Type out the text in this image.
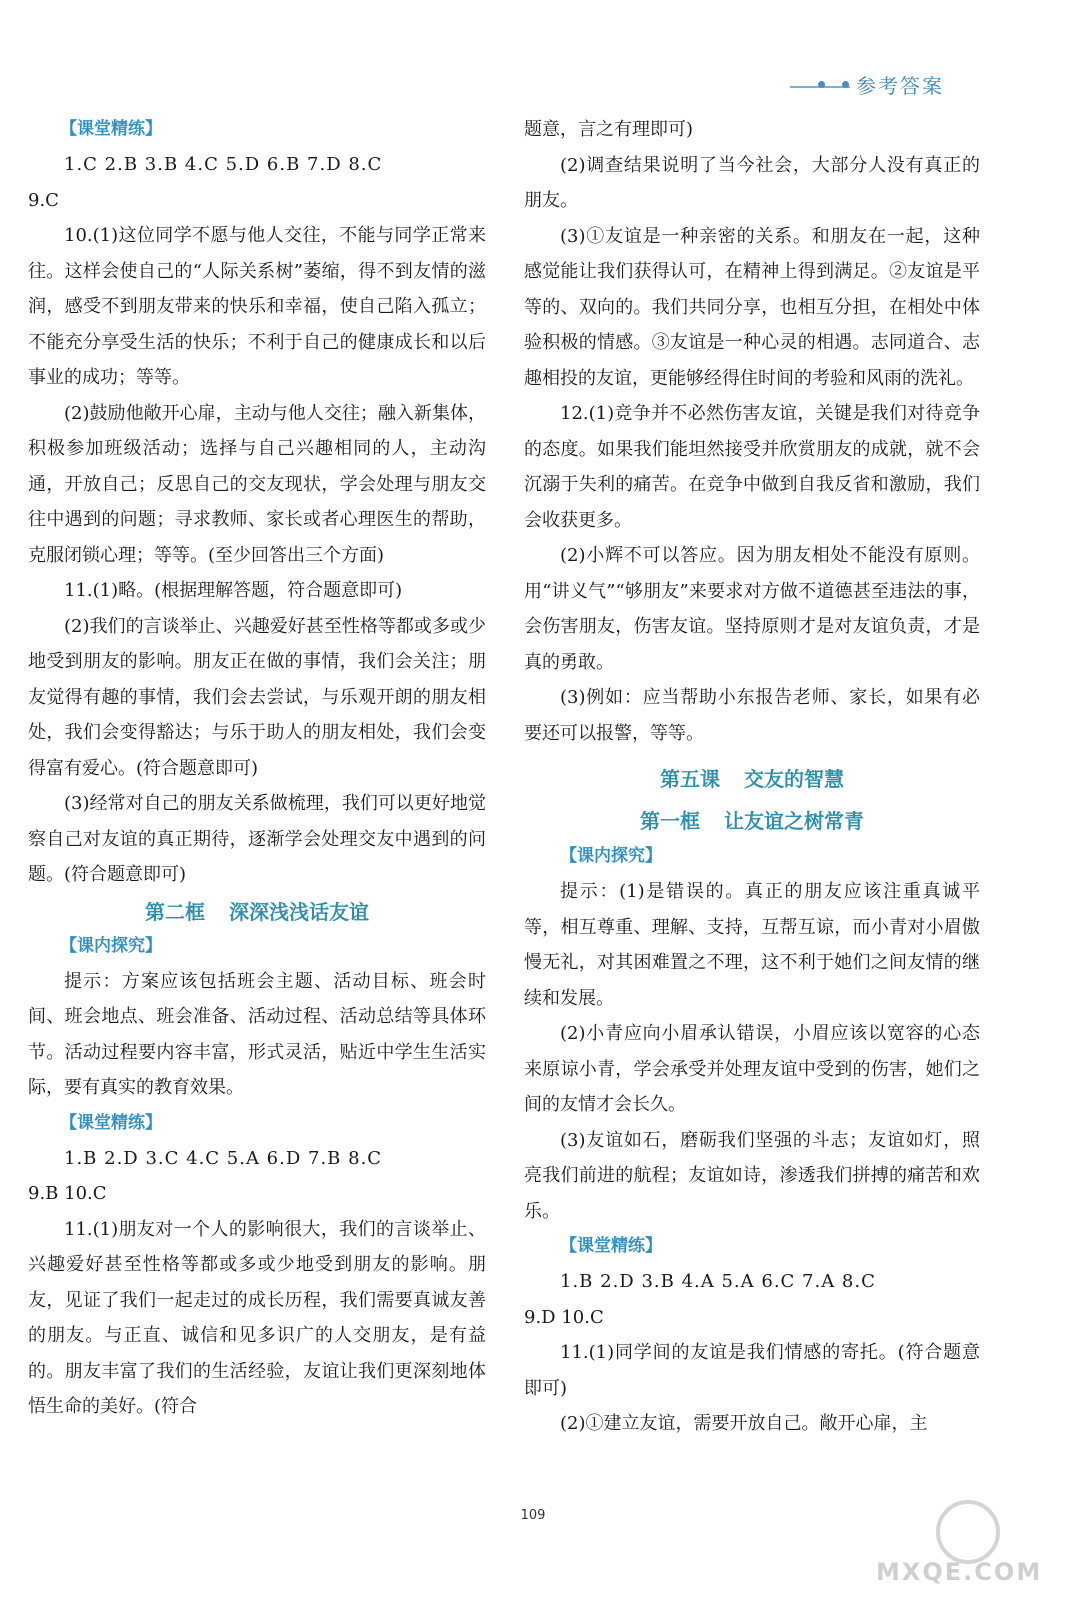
参考答案

【课堂精练】

1.C 2.B 3.B 4.C 5.D 6.B 7.D 8.C

9.C

10.(1)这位同学不愿与他人交往，不能与同学正常来往。这样会使自己的“人际关系树”萎缩，得不到友情的滋润，感受不到朋友带来的快乐和幸福，使自己陷入孤立；不能充分享受生活的快乐；不利于自己的健康成长和以后事业的成功；等等。

(2)鼓励他敞开心扉，主动与他人交往；融入新集体，积极参加班级活动；选择与自己兴趣相同的人，主动沟通，开放自己；反思自己的交友现状，学会处理与朋友交往中遇到的问题；寻求教师、家长或者心理医生的帮助，克服闭锁心理；等等。(至少回答出三个方面)

11.(1)略。(根据理解答题，符合题意即可)

(2)我们的言谈举止、兴趣爱好甚至性格等都或多或少地受到朋友的影响。朋友正在做的事情，我们会关注；朋友觉得有趣的事情，我们会去尝试，与乐观开朗的朋友相处，我们会变得豁达；与乐于助人的朋友相处，我们会变得富有爱心。(符合题意即可)

(3)经常对自己的朋友关系做梳理，我们可以更好地觉察自己对友谊的真正期待，逐渐学会处理交友中遇到的问题。(符合题意即可)

第二框 深深浅浅话友谊

【课内探究】

提示：方案应该包括班会主题、活动目标、班会时间、班会地点、班会准备、活动过程、活动总结等具体环节。活动过程要内容丰富，形式灵活，贴近中学生生活实际，要有真实的教育效果。

【课堂精练】

1.B 2.D 3.C 4.C 5.A 6.D 7.B 8.C

9.B 10.C

11.(1)朋友对一个人的影响很大，我们的言谈举止、兴趣爱好甚至性格等都或多或少地受到朋友的影响。朋友，见证了我们一起走过的成长历程，我们需要真诚友善的朋友。与正直、诚信和见多识广的人交朋友，是有益的。朋友丰富了我们的生活经验，友谊让我们更深刻地体悟生命的美好。(符合

题意，言之有理即可)

(2)调查结果说明了当今社会，大部分人没有真正的朋友。

(3)①友谊是一种亲密的关系。和朋友在一起，这种感觉能让我们获得认可，在精神上得到满足。②友谊是平等的、双向的。我们共同分享，也相互分担，在相处中体验积极的情感。③友谊是一种心灵的相遇。志同道合、志趣相投的友谊，更能够经得住时间的考验和风雨的洗礼。

12.(1)竞争并不必然伤害友谊，关键是我们对待竞争的态度。如果我们能坦然接受并欣赏朋友的成就，就不会沉溺于失利的痛苦。在竞争中做到自我反省和激励，我们会收获更多。

(2)小辉不可以答应。因为朋友相处不能没有原则。用“讲义气”“够朋友”来要求对方做不道德甚至违法的事，会伤害朋友，伤害友谊。坚持原则才是对友谊负责，才是真的勇敢。

(3)例如：应当帮助小东报告老师、家长，如果有必要还可以报警，等等。

第五课 交友的智慧
第一框 让友谊之树常青

【课内探究】

提示：(1)是错误的。真正的朋友应该注重真诚平等，相互尊重、理解、支持，互帮互谅，而小青对小眉傲慢无礼，对其困难置之不理，这不利于她们之间友情的继续和发展。

(2)小青应向小眉承认错误，小眉应该以宽容的心态来原谅小青，学会承受并处理友谊中受到的伤害，她们之间的友情才会长久。

(3)友谊如石，磨砺我们坚强的斗志；友谊如灯，照亮我们前进的航程；友谊如诗，渗透我们拼搏的痛苦和欢乐。

【课堂精练】

1.B 2.D 3.B 4.A 5.A 6.C 7.A 8.C

9.D 10.C

11.(1)同学间的友谊是我们情感的寄托。(符合题意即可)

(2)①建立友谊，需要开放自己。敞开心扉，主

109
MXQE.COM
